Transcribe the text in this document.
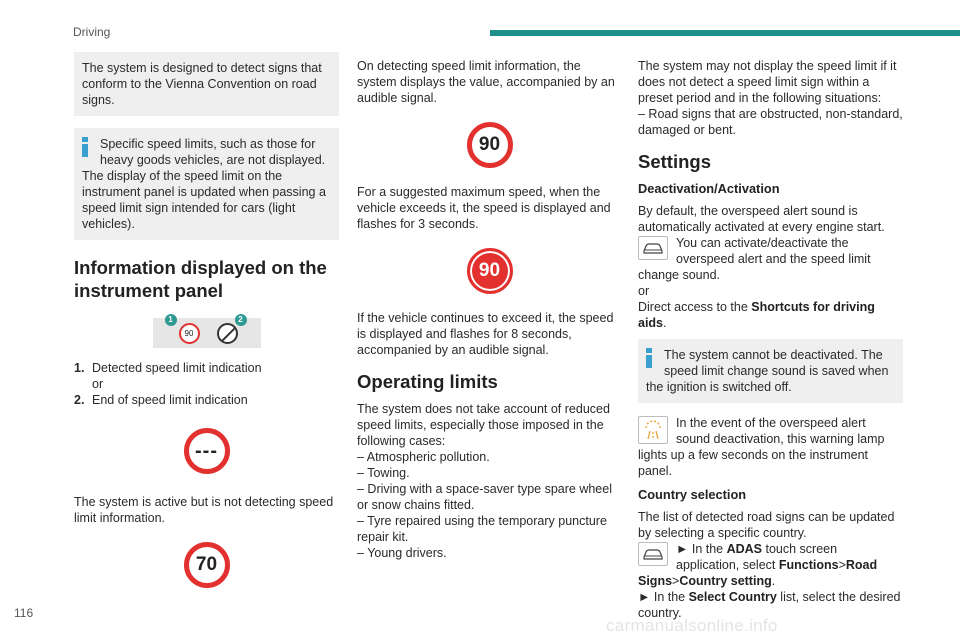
Driving

The system is designed to detect signs that conform to the Vienna Convention on road signs.

Specific speed limits, such as those for heavy goods vehicles, are not displayed. The display of the speed limit on the instrument panel is updated when passing a speed limit sign intended for cars (light vehicles).

Information displayed on the instrument panel
1
90
2
1. Detected speed limit indication
or
2. End of speed limit indication
---

The system is active but is not detecting speed limit information.

70

On detecting speed limit information, the system displays the value, accompanied by an audible signal.

90

For a suggested maximum speed, when the vehicle exceeds it, the speed is displayed and flashes for 3 seconds.

90

If the vehicle continues to exceed it, the speed is displayed and flashes for 8 seconds, accompanied by an audible signal.

Operating limits

The system does not take account of reduced speed limits, especially those imposed in the following cases:

– Atmospheric pollution.

– Towing.

– Driving with a space-saver type spare wheel or snow chains fitted.

– Tyre repaired using the temporary puncture repair kit.

– Young drivers.

The system may not display the speed limit if it does not detect a speed limit sign within a preset period and in the following situations:

– Road signs that are obstructed, non-standard, damaged or bent.

Settings
Deactivation/Activation

By default, the overspeed alert sound is automatically activated at every engine start.

You can activate/deactivate the overspeed alert and the speed limit change sound.

or

Direct access to the Shortcuts for driving aids.

The system cannot be deactivated. The speed limit change sound is saved when the ignition is switched off.

In the event of the overspeed alert sound deactivation, this warning lamp lights up a few seconds on the instrument panel.

Country selection

The list of detected road signs can be updated by selecting a specific country.

► In the ADAS touch screen application, select Functions>Road Signs>Country setting.

► In the Select Country list, select the desired country.

116
carmanualsonline.info
